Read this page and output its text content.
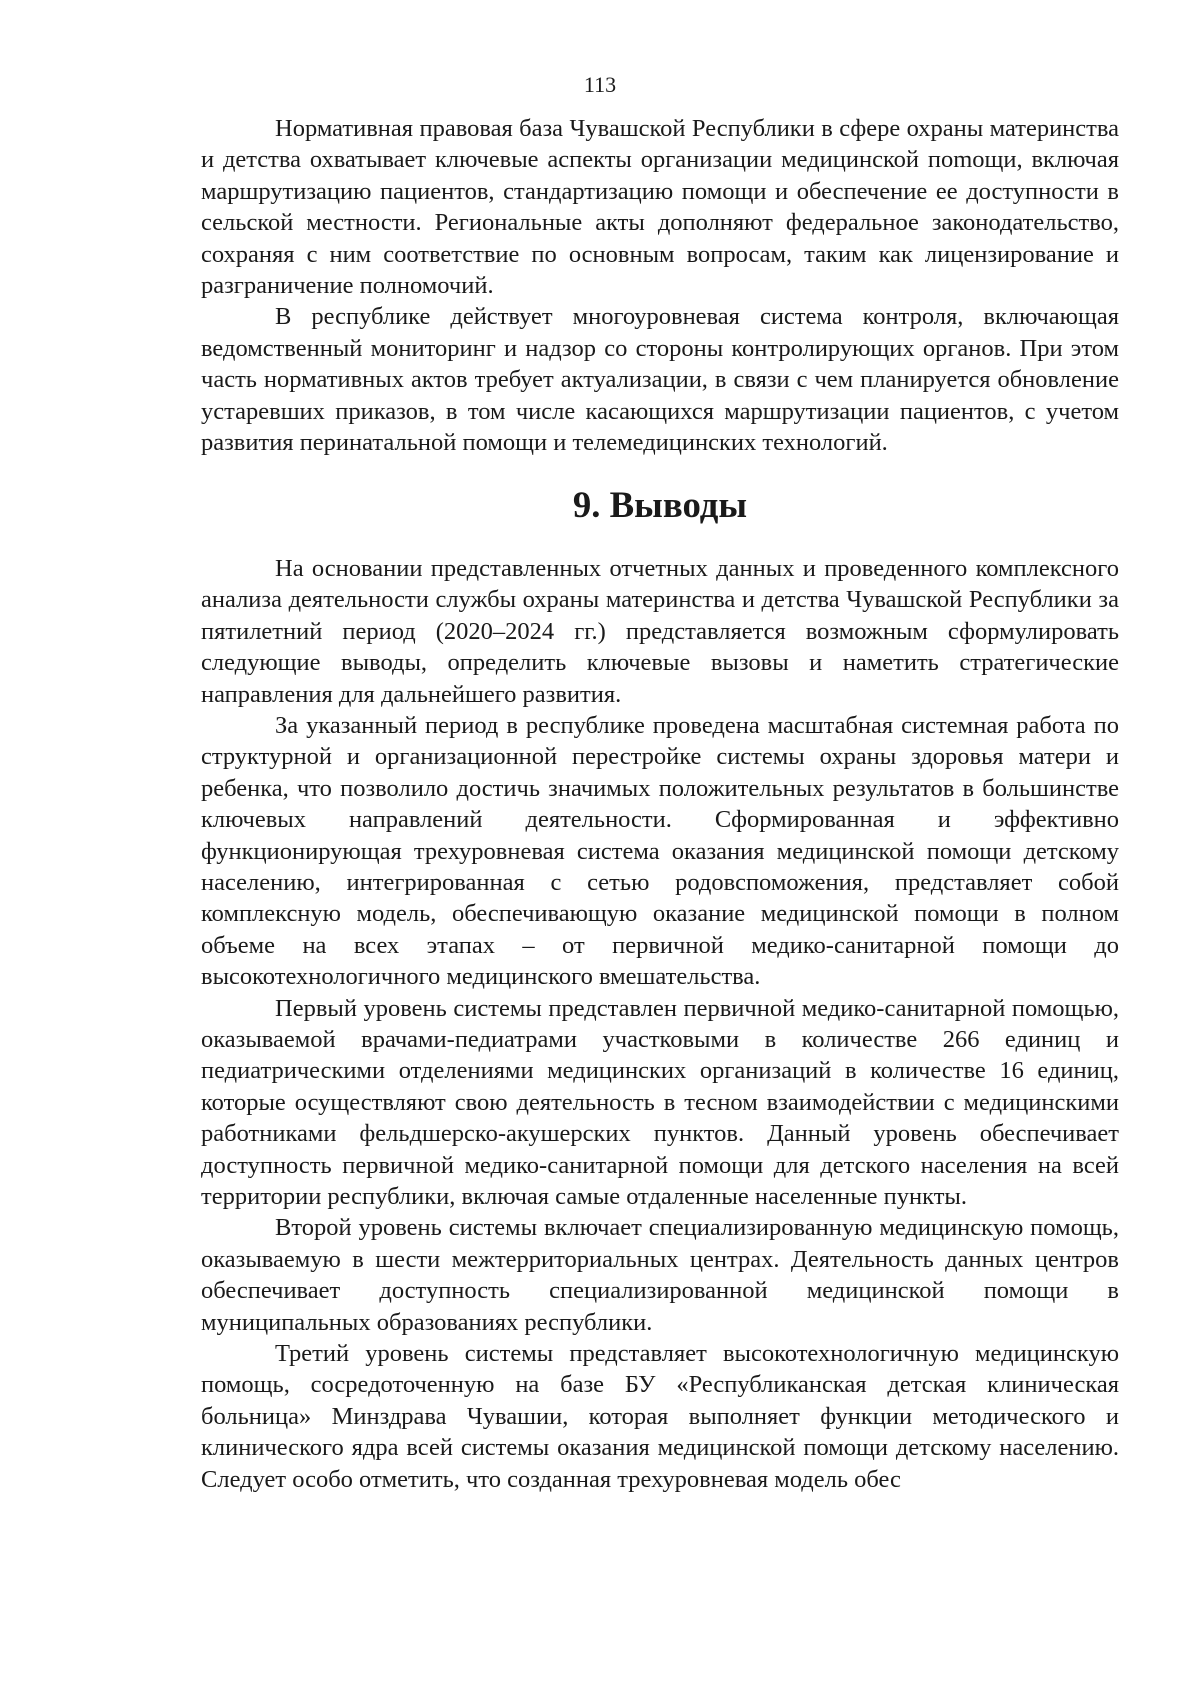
113

Нормативная правовая база Чувашской Республики в сфере охраны материнства и детства охватывает ключевые аспекты организации медицинской поmощи, включая маршрутизацию пациентов, стандартизацию помощи и обеспечение ее доступности в сельской местности. Региональные акты дополняют федеральное законодательство, сохраняя с ним соответствие по основным вопросам, таким как лицензирование и разграничение полномочий.

В республике действует многоуровневая система контроля, включающая ведомственный мониторинг и надзор со стороны контролирующих органов. При этом часть нормативных актов требует актуализации, в связи с чем планируется обновление устаревших приказов, в том числе касающихся маршрутизации пациентов, с учетом развития перинатальной помощи и телемедицинских технологий.

9. Выводы

На основании представленных отчетных данных и проведенного комплексного анализа деятельности службы охраны материнства и детства Чувашской Республики за пятилетний период (2020–2024 гг.) представляется возможным сформулировать следующие выводы, определить ключевые вызовы и наметить стратегические направления для дальнейшего развития.

За указанный период в республике проведена масштабная системная работа по структурной и организационной перестройке системы охраны здоровья матери и ребенка, что позволило достичь значимых положительных результатов в большинстве ключевых направлений деятельности. Сформированная и эффективно функционирующая трехуровневая система оказания медицинской помощи детскому населению, интегрированная с сетью родовспоможения, представляет собой комплексную модель, обеспечивающую оказание медицинской помощи в полном объеме на всех этапах – от первичной медико-санитарной помощи до высокотехнологичного медицинского вмешательства.

Первый уровень системы представлен первичной медико-санитарной помощью, оказываемой врачами-педиатрами участковыми в количестве 266 единиц и педиатрическими отделениями медицинских организаций в количестве 16 единиц, которые осуществляют свою деятельность в тесном взаимодействии с медицинскими работниками фельдшерско-акушерских пунктов. Данный уровень обеспечивает доступность первичной медико-санитарной помощи для детского населения на всей территории республики, включая самые отдаленные населенные пункты.

Второй уровень системы включает специализированную медицинскую помощь, оказываемую в шести межтерриториальных центрах. Деятельность данных центров обеспечивает доступность специализированной медицинской помощи в муниципальных образованиях республики.

Третий уровень системы представляет высокотехнологичную медицинскую помощь, сосредоточенную на базе БУ «Республиканская детская клиническая больница» Минздрава Чувашии, которая выполняет функции методического и клинического ядра всей системы оказания медицинской помощи детскому населению. Следует особо отметить, что созданная трехуровневая модель обес
